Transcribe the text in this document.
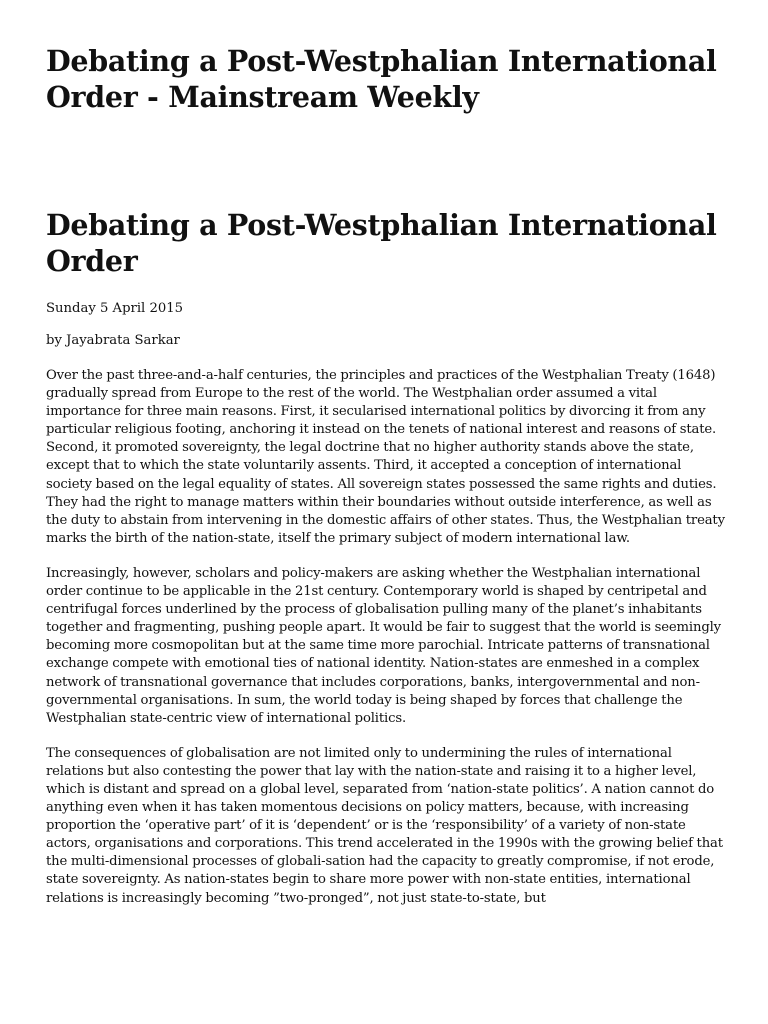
Debating a Post-Westphalian International Order - Mainstream Weekly
Debating a Post-Westphalian International Order

Sunday 5 April 2015

by Jayabrata Sarkar

Over the past three-and-a-half centuries, the principles and practices of the Westphalian Treaty (1648) gradually spread from Europe to the rest of the world. The Westphalian order assumed a vital importance for three main reasons. First, it secularised international politics by divorcing it from any particular religious footing, anchoring it instead on the tenets of national interest and reasons of state. Second, it promoted sovereignty, the legal doctrine that no higher authority stands above the state, except that to which the state voluntarily assents. Third, it accepted a conception of international society based on the legal equality of states. All sovereign states possessed the same rights and duties. They had the right to manage matters within their boundaries without outside interference, as well as the duty to abstain from intervening in the domestic affairs of other states. Thus, the Westphalian treaty marks the birth of the nation-state, itself the primary subject of modern international law.

Increasingly, however, scholars and policy-makers are asking whether the Westphalian international order continue to be applicable in the 21st century. Contemporary world is shaped by centripetal and centrifugal forces underlined by the process of globalisation pulling many of the planet’s inhabitants together and fragmenting, pushing people apart. It would be fair to suggest that the world is seemingly becoming more cosmopolitan but at the same time more parochial. Intricate patterns of transnational exchange compete with emotional ties of national identity. Nation-states are enmeshed in a complex network of transnational governance that includes corporations, banks, intergovernmental and non-governmental organisations. In sum, the world today is being shaped by forces that challenge the Westphalian state-centric view of international politics.

The consequences of globalisation are not limited only to undermining the rules of international relations but also contesting the power that lay with the nation-state and raising it to a higher level, which is distant and spread on a global level, separated from ‘nation-state politics’. A nation cannot do anything even when it has taken momentous decisions on policy matters, because, with increasing proportion the ‘operative part’ of it is ‘dependent’ or is the ‘responsibility’ of a variety of non-state actors, organisations and corporations. This trend accelerated in the 1990s with the growing belief that the multi-dimensional processes of globali-sation had the capacity to greatly compromise, if not erode, state sovereignty. As nation-states begin to share more power with non-state entities, international relations is increasingly becoming ”two-pronged”, not just state-to-state, but
